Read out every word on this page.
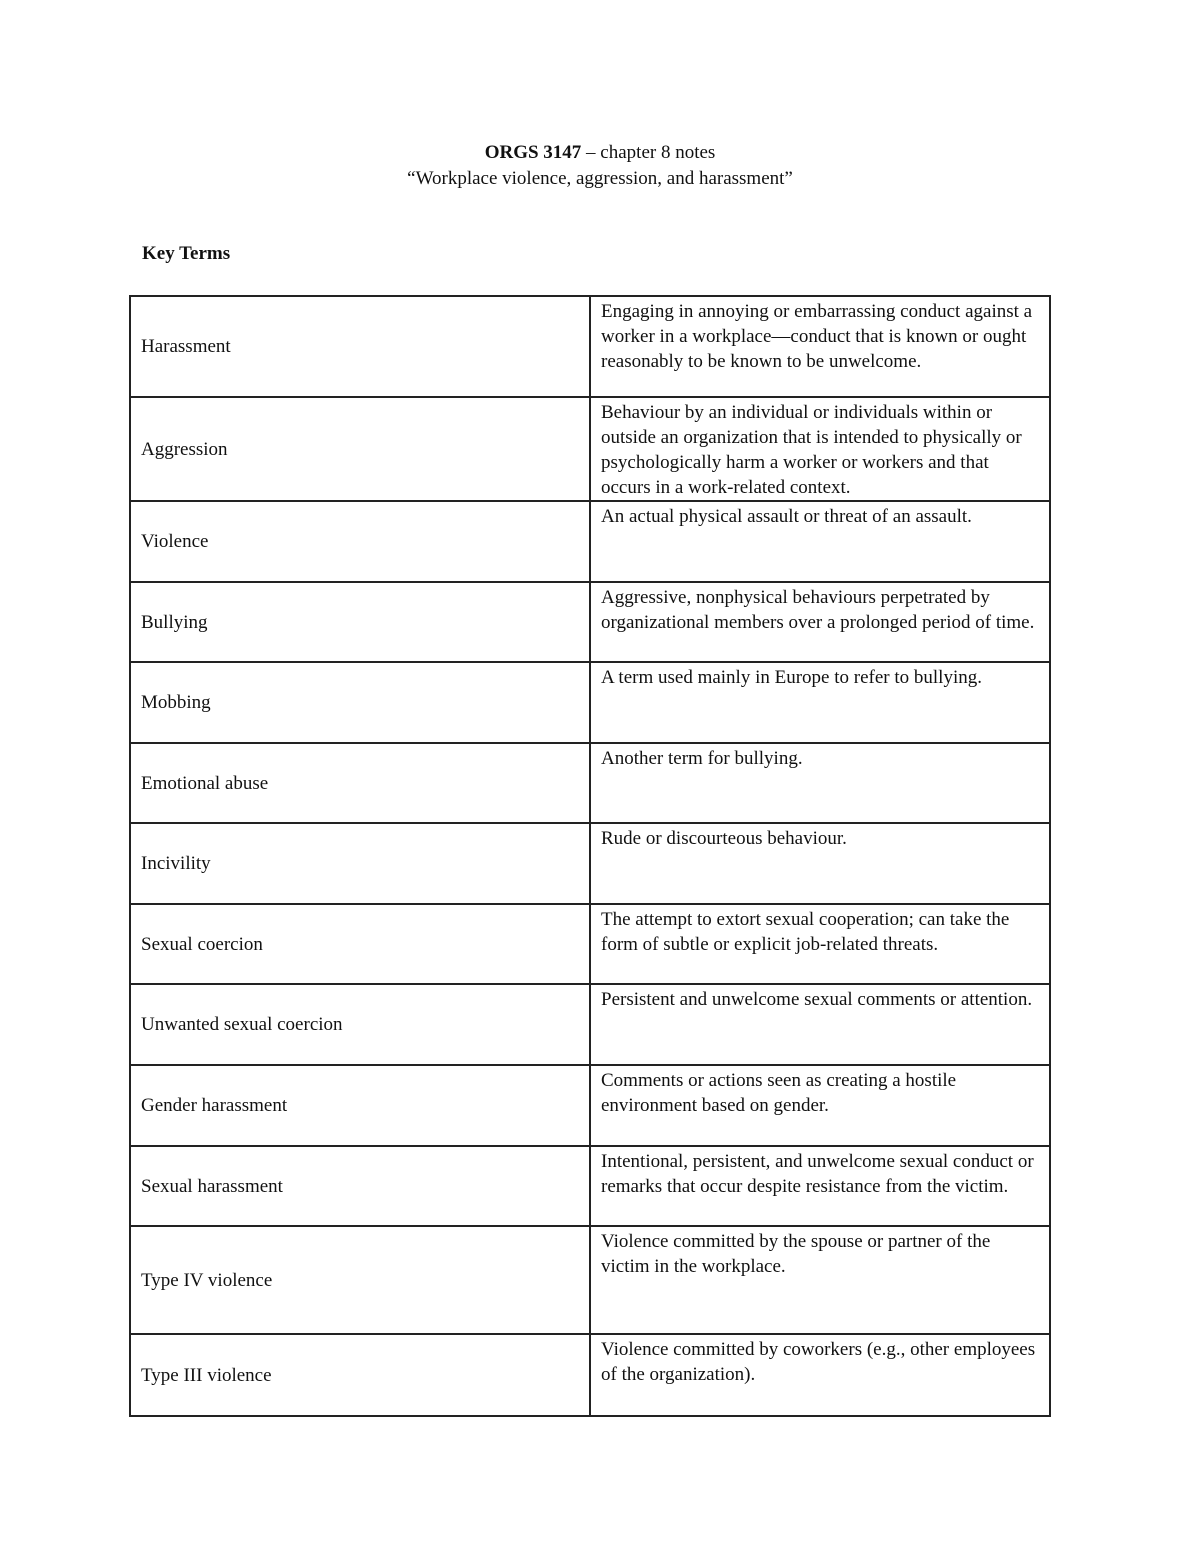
ORGS 3147 – chapter 8 notes
“Workplace violence, aggression, and harassment”
Key Terms
Harassment	Engaging in annoying or embarrassing conduct against a worker in a workplace—conduct that is known or ought reasonably to be known to be unwelcome.
Aggression	Behaviour by an individual or individuals within or outside an organization that is intended to physically or psychologically harm a worker or workers and that occurs in a work-related context.
Violence	An actual physical assault or threat of an assault.
Bullying	Aggressive, nonphysical behaviours perpetrated by organizational members over a prolonged period of time.
Mobbing	A term used mainly in Europe to refer to bullying.
Emotional abuse	Another term for bullying.
Incivility	Rude or discourteous behaviour.
Sexual coercion	The attempt to extort sexual cooperation; can take the form of subtle or explicit job-related threats.
Unwanted sexual coercion	Persistent and unwelcome sexual comments or attention.
Gender harassment	Comments or actions seen as creating a hostile environment based on gender.
Sexual harassment	Intentional, persistent, and unwelcome sexual conduct or remarks that occur despite resistance from the victim.
Type IV violence	Violence committed by the spouse or partner of the victim in the workplace.
Type III violence	Violence committed by coworkers (e.g., other employees of the organization).
